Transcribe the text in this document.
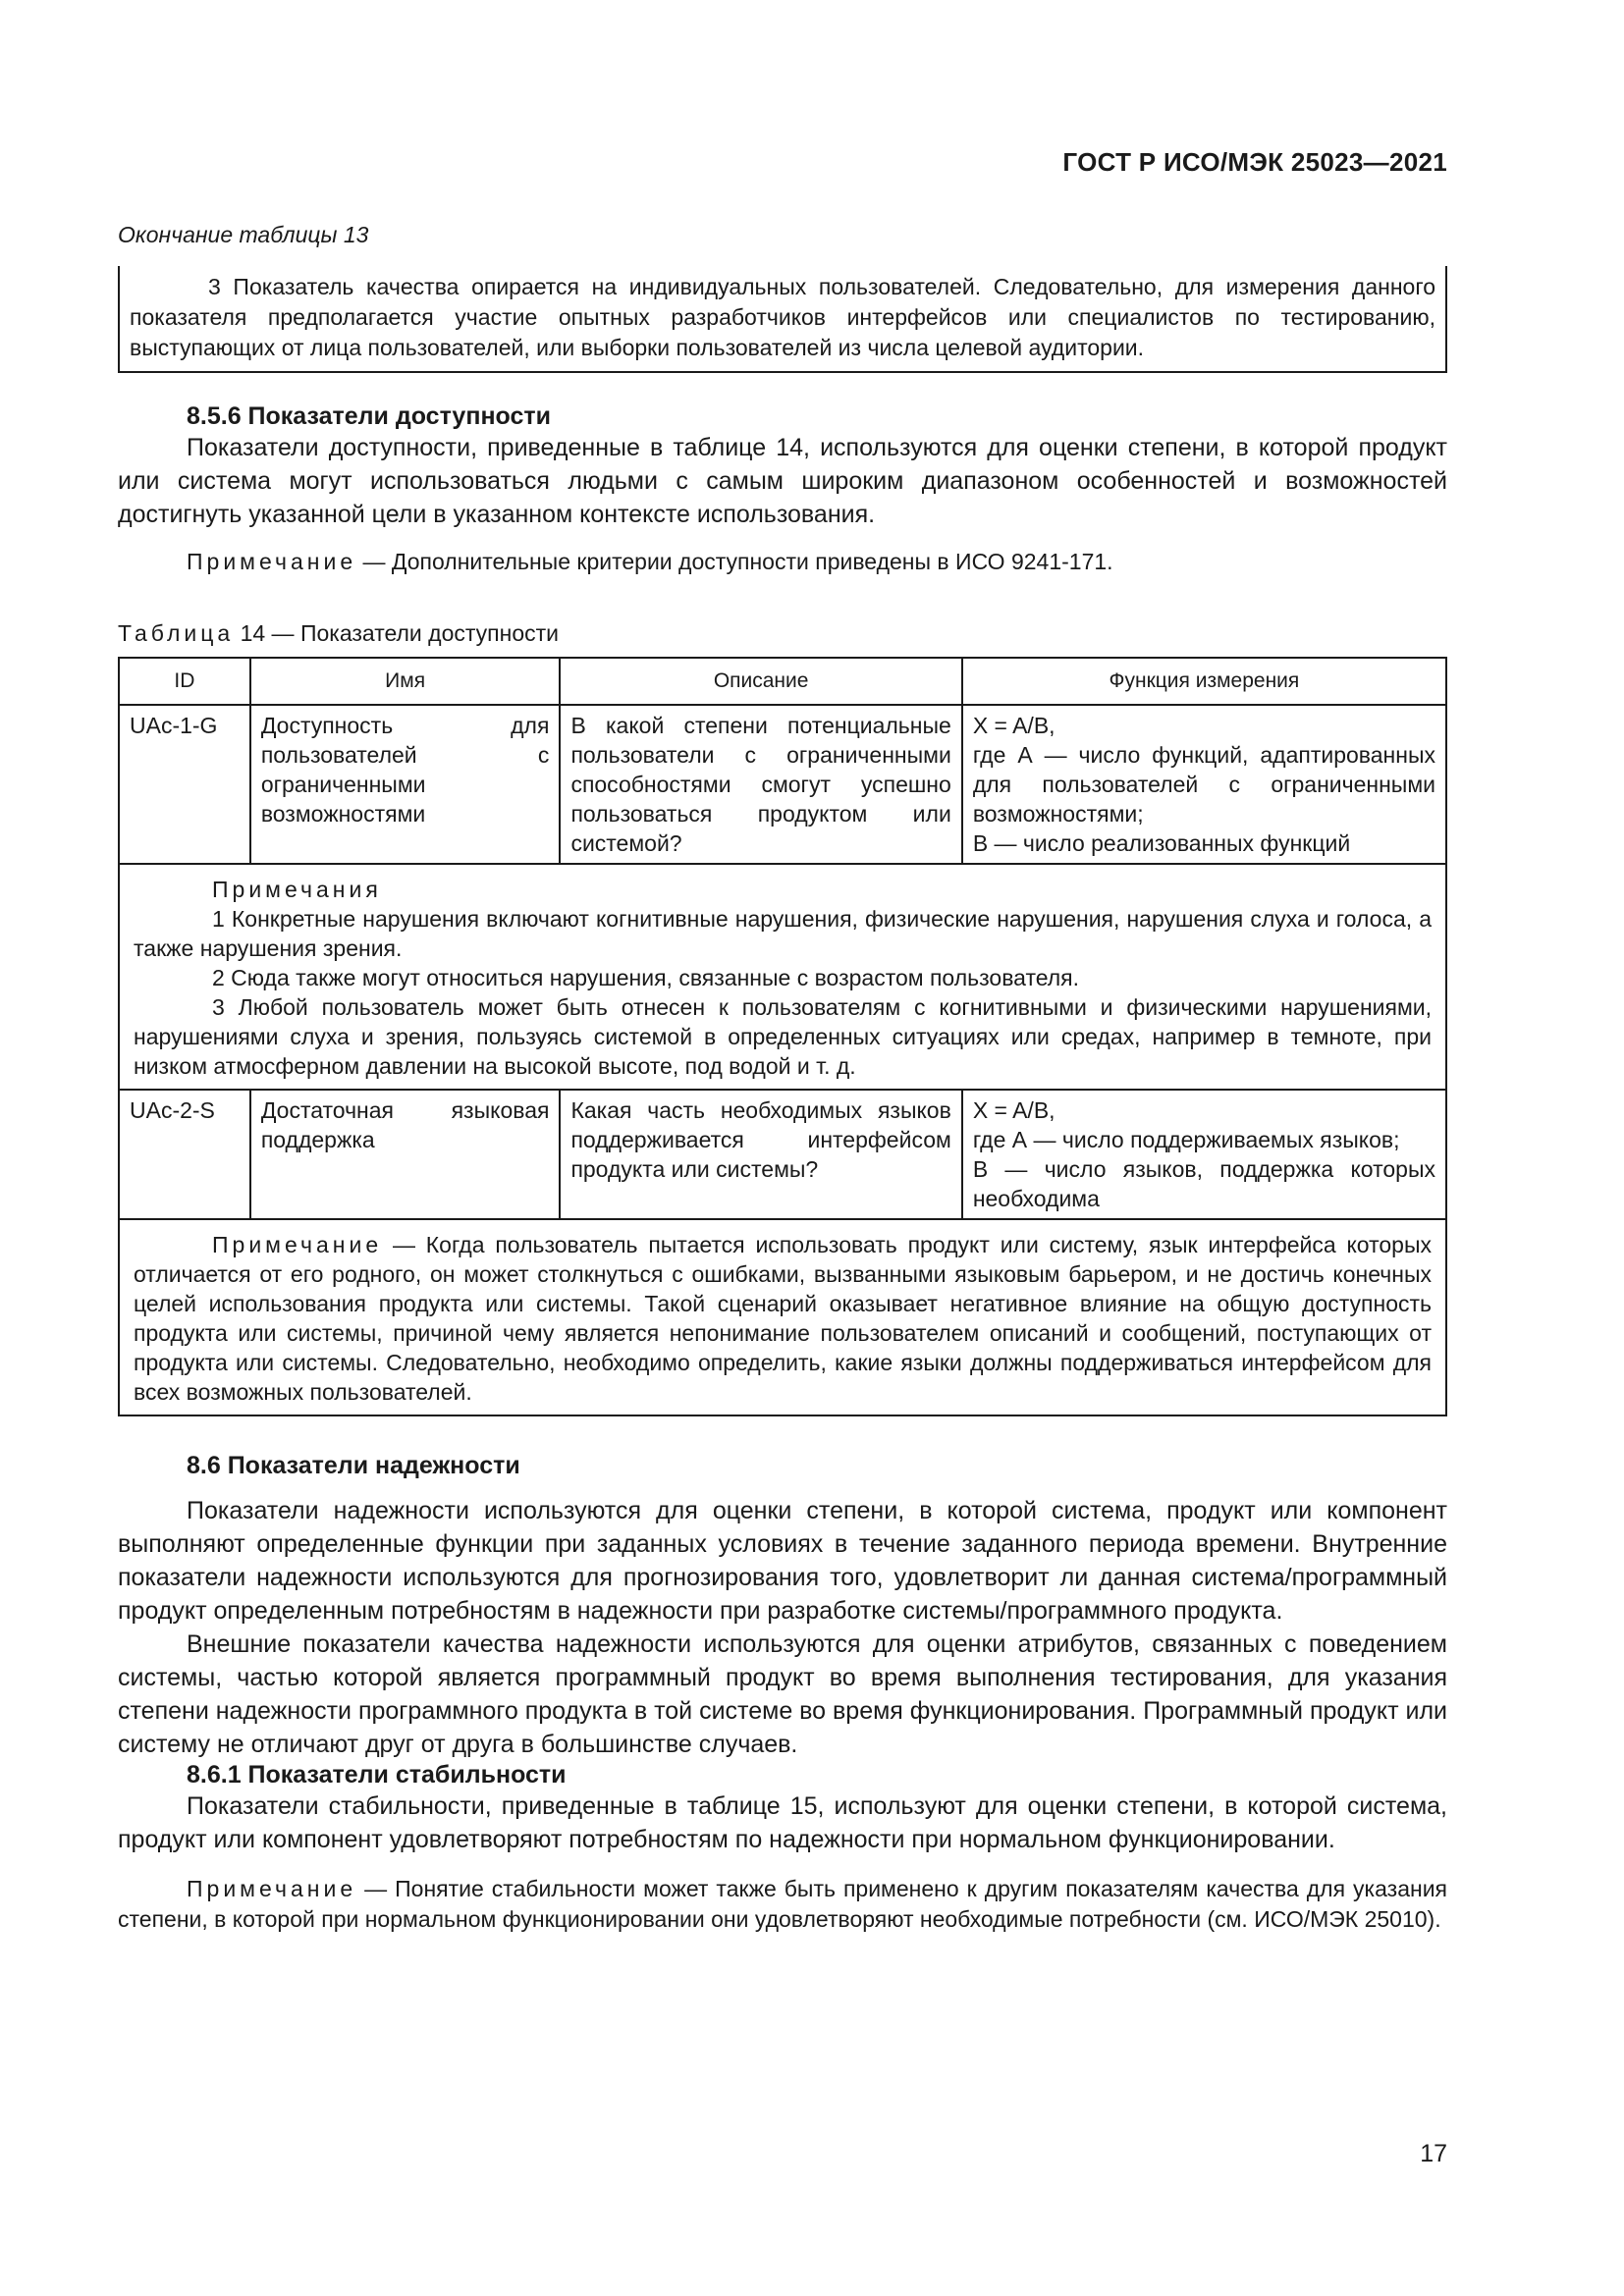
ГОСТ Р ИСО/МЭК 25023—2021
Окончание таблицы 13
3 Показатель качества опирается на индивидуальных пользователей. Следовательно, для измерения данного показателя предполагается участие опытных разработчиков интерфейсов или специалистов по тестированию, выступающих от лица пользователей, или выборки пользователей из числа целевой аудитории.
8.5.6 Показатели доступности

Показатели доступности, приведенные в таблице 14, используются для оценки степени, в которой продукт или система могут использоваться людьми с самым широким диапазоном особенностей и возможностей достигнуть указанной цели в указанном контексте использования.

Примечание — Дополнительные критерии доступности приведены в ИСО 9241-171.

Таблица 14 — Показатели доступности
ID	Имя	Описание	Функция измерения
UAc-1-G	Доступность для пользователей с ограниченными возможностями	В какой степени потенциальные пользователи с ограниченными способностями смогут успешно пользоваться продуктом или системой?	X = A/B,
где А — число функций, адаптированных для пользователей с ограниченными возможностями;
В — число реализованных функций

Примечания
1 Конкретные нарушения включают когнитивные нарушения, физические нарушения, нарушения слуха и голоса, а также нарушения зрения.
2 Сюда также могут относиться нарушения, связанные с возрастом пользователя.
3 Любой пользователь может быть отнесен к пользователям с когнитивными и физическими нарушениями, нарушениями слуха и зрения, пользуясь системой в определенных ситуациях или средах, например в темноте, при низком атмосферном давлении на высокой высоте, под водой и т. д.			

UAc-2-S	Достаточная языковая поддержка	Какая часть необходимых языков поддерживается интерфейсом продукта или системы?	X = A/B,
где А — число поддерживаемых языков;
В — число языков, поддержка которых необходима

Примечание — Когда пользователь пытается использовать продукт или систему, язык интерфейса которых отличается от его родного, он может столкнуться с ошибками, вызванными языковым барьером, и не достичь конечных целей использования продукта или системы. Такой сценарий оказывает негативное влияние на общую доступность продукта или системы, причиной чему является непонимание пользователем описаний и сообщений, поступающих от продукта или системы. Следовательно, необходимо определить, какие языки должны поддерживаться интерфейсом для всех возможных пользователей.			
8.6 Показатели надежности

Показатели надежности используются для оценки степени, в которой система, продукт или компонент выполняют определенные функции при заданных условиях в течение заданного периода времени. Внутренние показатели надежности используются для прогнозирования того, удовлетворит ли данная система/программный продукт определенным потребностям в надежности при разработке системы/программного продукта.

Внешние показатели качества надежности используются для оценки атрибутов, связанных с поведением системы, частью которой является программный продукт во время выполнения тестирования, для указания степени надежности программного продукта в той системе во время функционирования. Программный продукт или систему не отличают друг от друга в большинстве случаев.

8.6.1 Показатели стабильности

Показатели стабильности, приведенные в таблице 15, используют для оценки степени, в которой система, продукт или компонент удовлетворяют потребностям по надежности при нормальном функционировании.

Примечание — Понятие стабильности может также быть применено к другим показателям качества для указания степени, в которой при нормальном функционировании они удовлетворяют необходимые потребности (см. ИСО/МЭК 25010).

17
